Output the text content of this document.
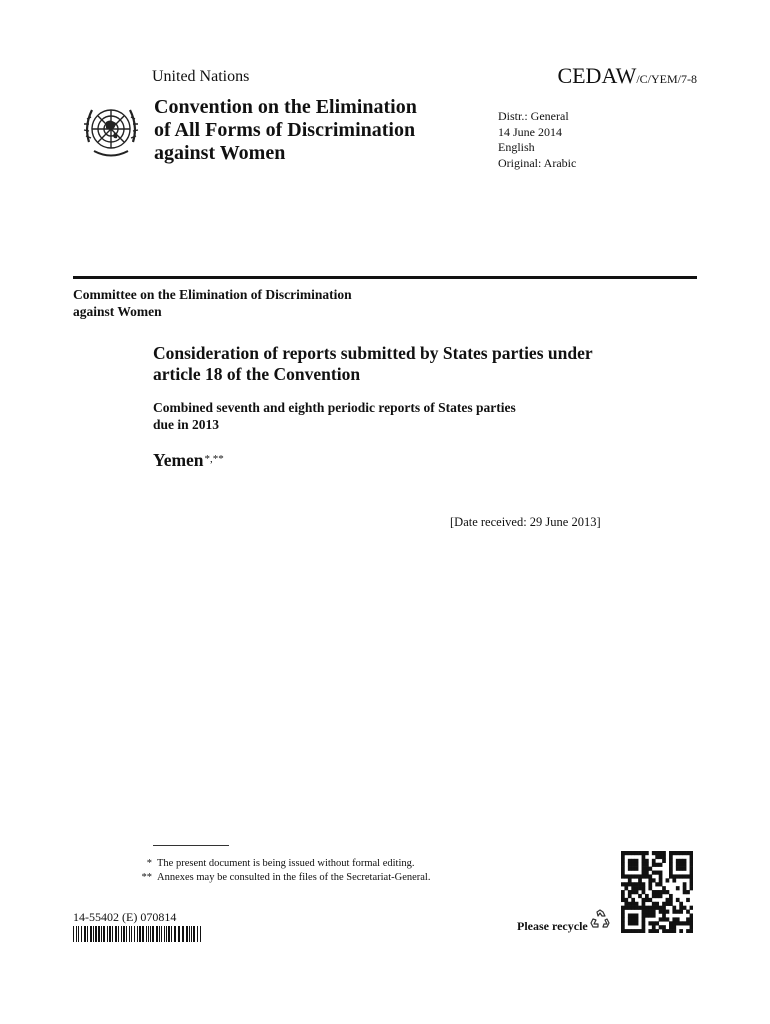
United Nations	CEDAW/C/YEM/7-8
Convention on the Elimination
of All Forms of Discrimination
against Women
Distr.: General
14 June 2014
English
Original: Arabic
Committee on the Elimination of Discrimination
against Women
Consideration of reports submitted by States parties under
article 18 of the Convention
Combined seventh and eighth periodic reports of States parties
due in 2013
Yemen*,**
[Date received: 29 June 2013]
* The present document is being issued without formal editing.
** Annexes may be consulted in the files of the Secretariat-General.
14-55402 (E) 070814
Please recycle
